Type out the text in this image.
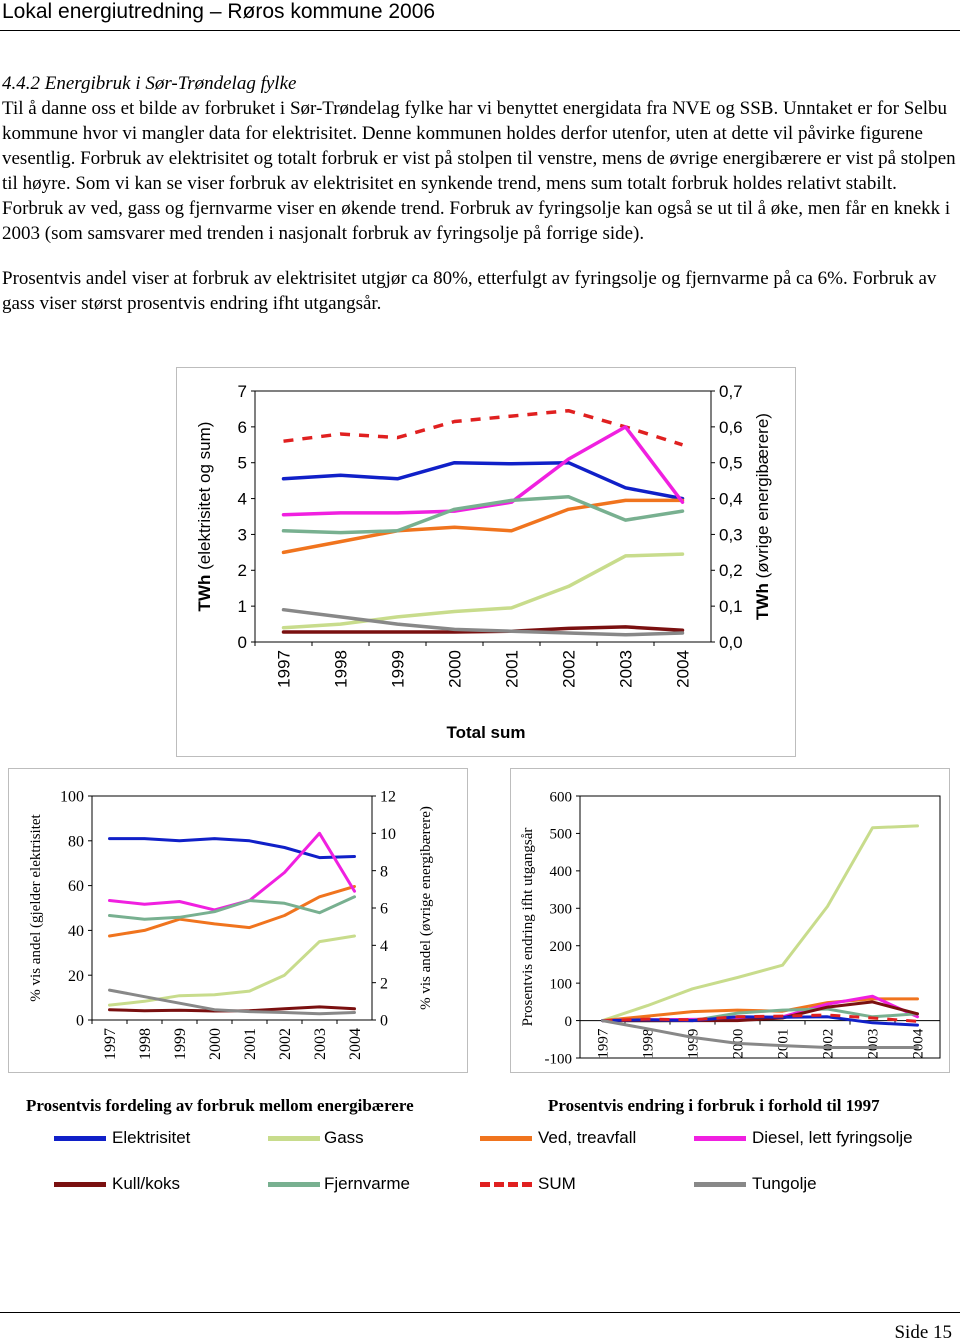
Lokal energiutredning – Røros kommune 2006
4.4.2 Energibruk i Sør-Trøndelag fylke

Til å danne oss et bilde av forbruket i Sør-Trøndelag fylke har vi benyttet energidata fra NVE og SSB. Unntaket er for Selbu kommune hvor vi mangler data for elektrisitet. Denne kommunen holdes derfor utenfor, uten at dette vil påvirke figurene vesentlig. Forbruk av elektrisitet og totalt forbruk er vist på stolpen til venstre, mens de øvrige energibærere er vist på stolpen til høyre. Som vi kan se viser forbruk av elektrisitet en synkende trend, mens sum totalt forbruk holdes relativt stabilt. Forbruk av ved, gass og fjernvarme viser en økende trend. Forbruk av fyringsolje kan også se ut til å øke, men får en knekk i 2003 (som samsvarer med trenden i nasjonalt forbruk av fyringsolje på forrige side).

Prosentvis andel viser at forbruk av elektrisitet utgjør ca 80%, etterfulgt av fyringsolje og fjernvarme på ca 6%. Forbruk av gass viser størst prosentvis endring ifht utgangsår.

0
1
2
3
4
5
6
7
0,0
0,1
0,2
0,3
0,4
0,5
0,6
0,7
1997 1998 1999 2000 2001 2002 2003 2004
TWh (elektrisitet og sum)
TWh (øvrige energibærere)
Total sum
0
20
40
60
80
100
0
2
4
6
8
10
12
1997 1998 1999 2000 2001 2002 2003 2004
% vis andel (gjelder elektrisitet	% vis andel (øvrige energibærere)
-100
0
100
200
300
400
500
600
1997 1998 1999 2000 2001 2002 2003 2004
Prosentvis endring ifht utgangsår
Prosentvis fordeling av forbruk mellom energibærere	Prosentvis endring i forbruk i forhold til 1997
Elektrisitet	Gass	Ved, treavfall	Diesel, lett fyringsolje
Kull/koks	Fjernvarme	SUM	Tungolje
Side 15
